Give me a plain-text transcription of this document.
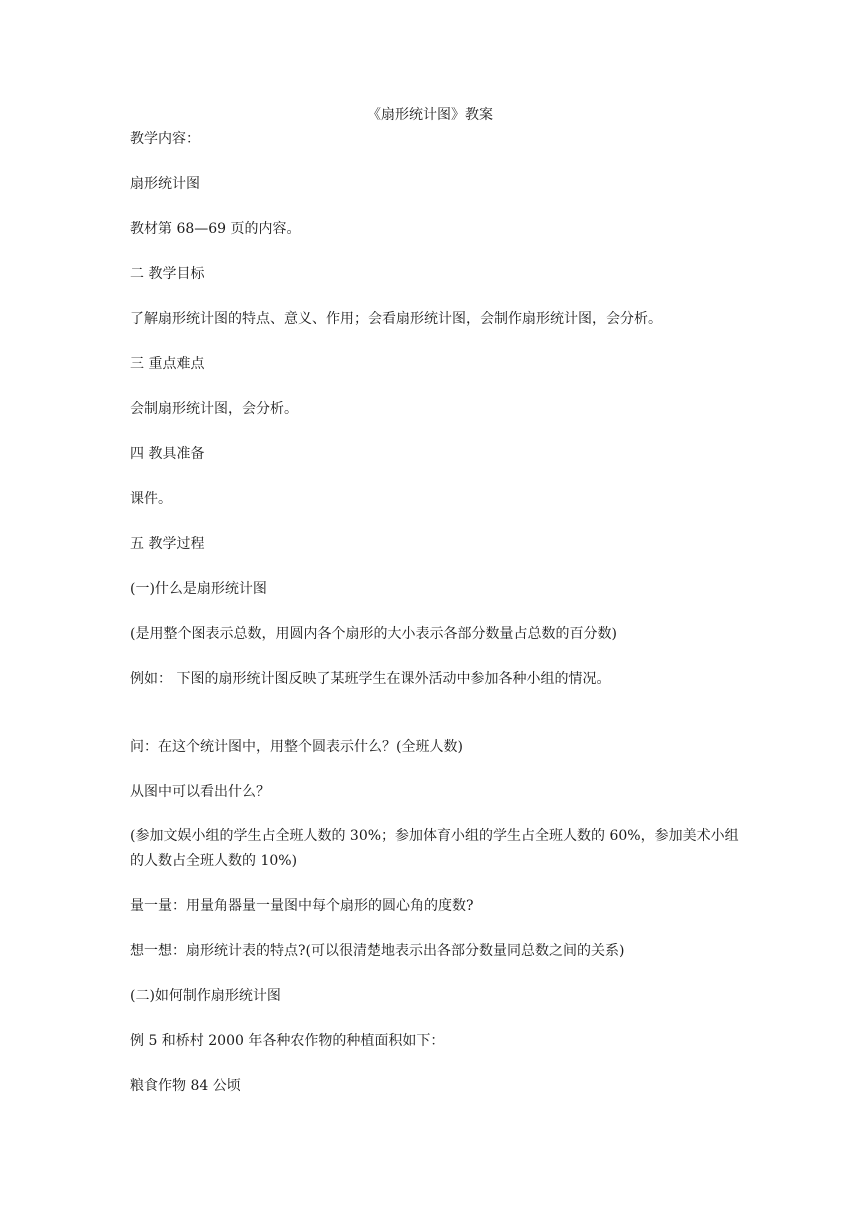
《扇形统计图》教案
教学内容：
扇形统计图
教材第 68—69 页的内容。
二 教学目标
了解扇形统计图的特点、意义、作用；会看扇形统计图，会制作扇形统计图，会分析。
三 重点难点
会制扇形统计图，会分析。
四 教具准备
课件。
五 教学过程
(一)什么是扇形统计图
(是用整个图表示总数，用圆内各个扇形的大小表示各部分数量占总数的百分数)
例如： 下图的扇形统计图反映了某班学生在课外活动中参加各种小组的情况。
问：在这个统计图中，用整个圆表示什么？(全班人数)
从图中可以看出什么？
(参加文娱小组的学生占全班人数的 30%；参加体育小组的学生占全班人数的 60%，参加美术小组的人数占全班人数的 10%)
量一量：用量角器量一量图中每个扇形的圆心角的度数?
想一想：扇形统计表的特点?(可以很清楚地表示出各部分数量同总数之间的关系)
(二)如何制作扇形统计图
例 5 和桥村 2000 年各种农作物的种植面积如下：
粮食作物 84 公顷
